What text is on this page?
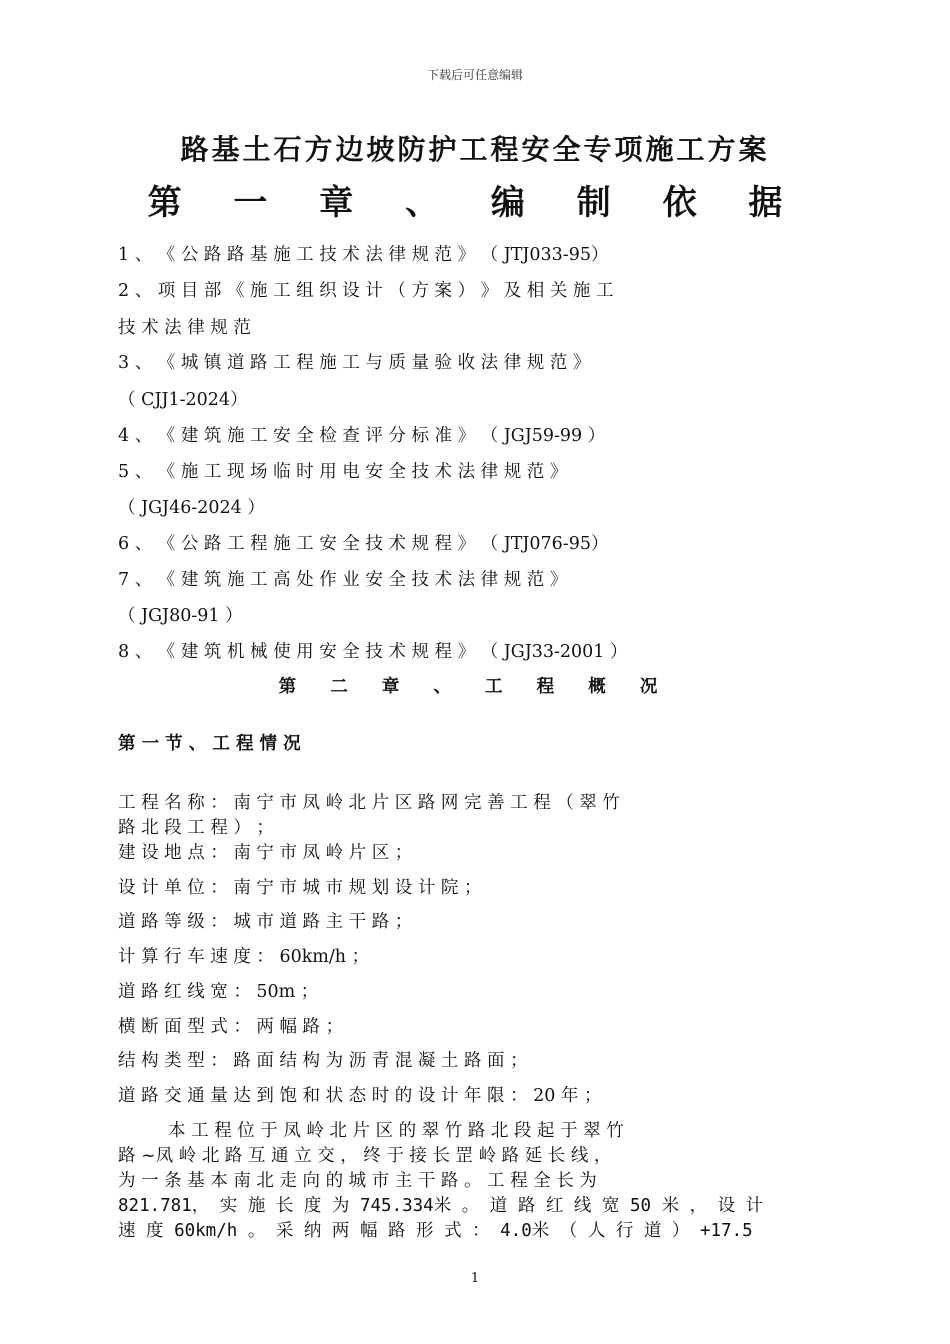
下载后可任意编辑
路基土石方边坡防护工程安全专项施工方案
第 一 章 、 编 制 依 据
1 、 《 公 路 路 基 施 工 技 术 法 律 规 范 》 （ JTJ033-95）
2 、 项 目 部 《 施 工 组 织 设 计 （ 方 案 ） 》 及 相 关 施 工
技 术 法 律 规 范
3 、 《 城 镇 道 路 工 程 施 工 与 质 量 验 收 法 律 规 范 》
（ CJJ1-2024）
4 、 《 建 筑 施 工 安 全 检 查 评 分 标 准 》 （ JGJ59-99 ）
5 、 《 施 工 现 场 临 时 用 电 安 全 技 术 法 律 规 范 》
（ JGJ46-2024 ）
6 、 《 公 路 工 程 施 工 安 全 技 术 规 程 》 （ JTJ076-95）
7 、 《 建 筑 施 工 高 处 作 业 安 全 技 术 法 律 规 范 》
（ JGJ80-91 ）
8 、 《 建 筑 机 械 使 用 安 全 技 术 规 程 》 （ JGJ33-2001 ）
第 二 章 、 工 程 概 况
第 一 节 、 工 程 情 况
工 程 名 称 ： 南 宁 市 凤 岭 北 片 区 路 网 完 善 工 程 （ 翠 竹
路 北 段 工 程 ） ；
建 设 地 点 ： 南 宁 市 凤 岭 片 区 ；
设 计 单 位 ： 南 宁 市 城 市 规 划 设 计 院 ；
道 路 等 级 ： 城 市 道 路 主 干 路 ；
计 算 行 车 速 度 ： 60km/h ；
道 路 红 线 宽 ： 50m ；
横 断 面 型 式 ： 两 幅 路 ；
结 构 类 型 ： 路 面 结 构 为 沥 青 混 凝 土 路 面 ；
道 路 交 通 量 达 到 饱 和 状 态 时 的 设 计 年 限 ： 20 年 ；
本 工 程 位 于 凤 岭 北 片 区 的 翠 竹 路 北 段 起 于 翠 竹
路 ~凤 岭 北 路 互 通 立 交 ， 终 于 接 长 罡 岭 路 延 长 线 ，
为 一 条 基 本 南 北 走 向 的 城 市 主 干 路 。 工 程 全 长 为
821.781， 实 施 长 度 为 745.334米 。 道 路 红 线 宽 50 米 ， 设 计
速 度 60km/h 。 采 纳 两 幅 路 形 式 ： 4.0米 （ 人 行 道 ） +17.5
1
